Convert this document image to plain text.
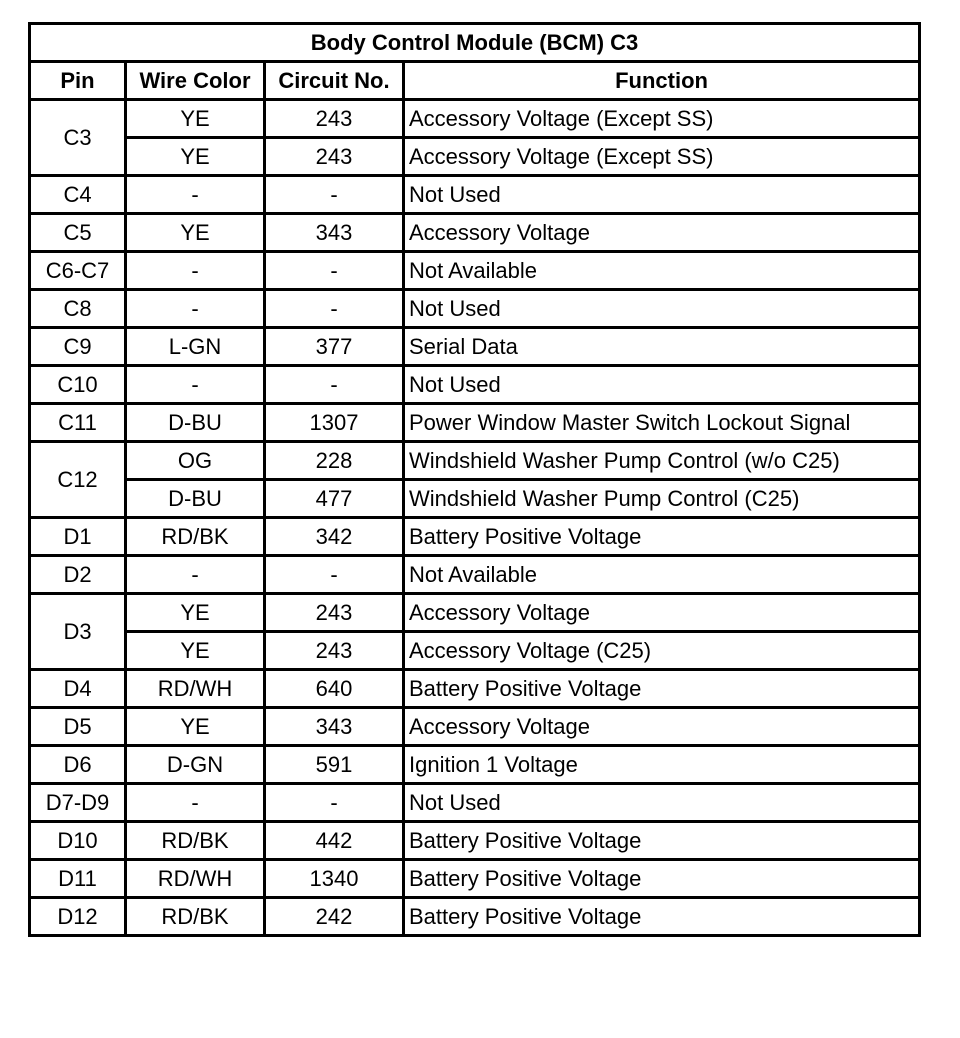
Body Control Module (BCM) C3			
Pin	Wire Color	Circuit No.	Function
C3	YE	243	Accessory Voltage (Except SS)
	YE	243	Accessory Voltage (Except SS)
C4	-	-	Not Used
C5	YE	343	Accessory Voltage
C6-C7	-	-	Not Available
C8	-	-	Not Used
C9	L-GN	377	Serial Data
C10	-	-	Not Used
C11	D-BU	1307	Power Window Master Switch Lockout Signal
C12	OG	228	Windshield Washer Pump Control (w/o C25)
	D-BU	477	Windshield Washer Pump Control (C25)
D1	RD/BK	342	Battery Positive Voltage
D2	-	-	Not Available
D3	YE	243	Accessory Voltage
	YE	243	Accessory Voltage (C25)
D4	RD/WH	640	Battery Positive Voltage
D5	YE	343	Accessory Voltage
D6	D-GN	591	Ignition 1 Voltage
D7-D9	-	-	Not Used
D10	RD/BK	442	Battery Positive Voltage
D11	RD/WH	1340	Battery Positive Voltage
D12	RD/BK	242	Battery Positive Voltage
